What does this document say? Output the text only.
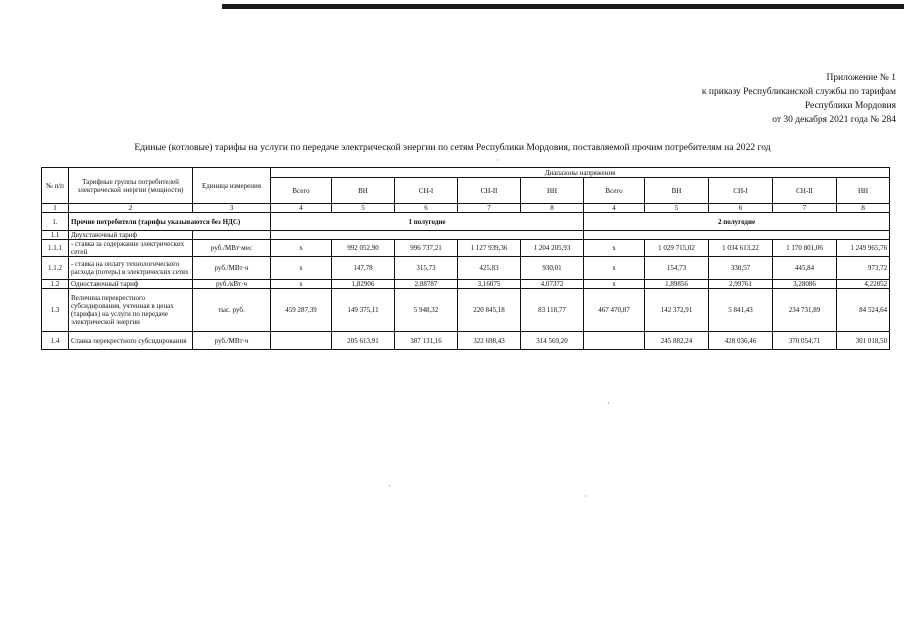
Приложение № 1
к приказу Республиканской службы по тарифам
Республики Мордовия
от 30 декабря 2021 года № 284
Единые (котловые) тарифы на услуги по передаче электрической энергии по сетям Республики Мордовия, поставляемой прочим потребителям на 2022 год
·
·
·
·
№ п/п	Тарифные группы потребителей электрической энергии (мощности)	Единица измерения	Диапазоны напряжения									
			Всего	ВН	СН-I	СН-II	НН	Всего	ВН	СН-I	СН-II	НН
1	2	3	4	5	6	7	8	4	5	6	7	8
1.	Прочие потребители (тарифы указываются без НДС)		1 полугодие					2 полугодие				
1.1	Двухставочный тариф											
1.1.1	- ставка за содержание электрических сетей	руб./МВт·мес	х	992 052,90	996 737,21	1 127 939,36	1 204 205,93	х	1 029 715,02	1 034 613,22	1 170 801,06	1 249 965,76
1.1.2	- ставка на оплату технологического расхода (потерь) в электрических сетях	руб./МВт·ч	х	147,78	315,73	425,83	930,01	х	154,73	330,57	445,84	973,72
1.2	Одноставочный тариф	руб./кВт·ч	х	1,82906	2,88787	3,16075	4,07372	х	1,89856	2,99761	3,28086	4,22852
1.3	Величина перекрестного субсидирования, учтенная в ценах (тарифах) на услуги по передаче электрической энергии	тыс. руб.	459 287,39	149 375,11	5 948,32	220 845,18	83 118,77	467 470,87	142 372,91	5 841,43	234 731,89	84 524,64
1.4	Ставка перекрестного субсидирования	руб./МВт·ч		205 613,91	387 131,16	322 698,43	314 569,20		245 882,24	428 036,46	370 054,71	301 018,50
